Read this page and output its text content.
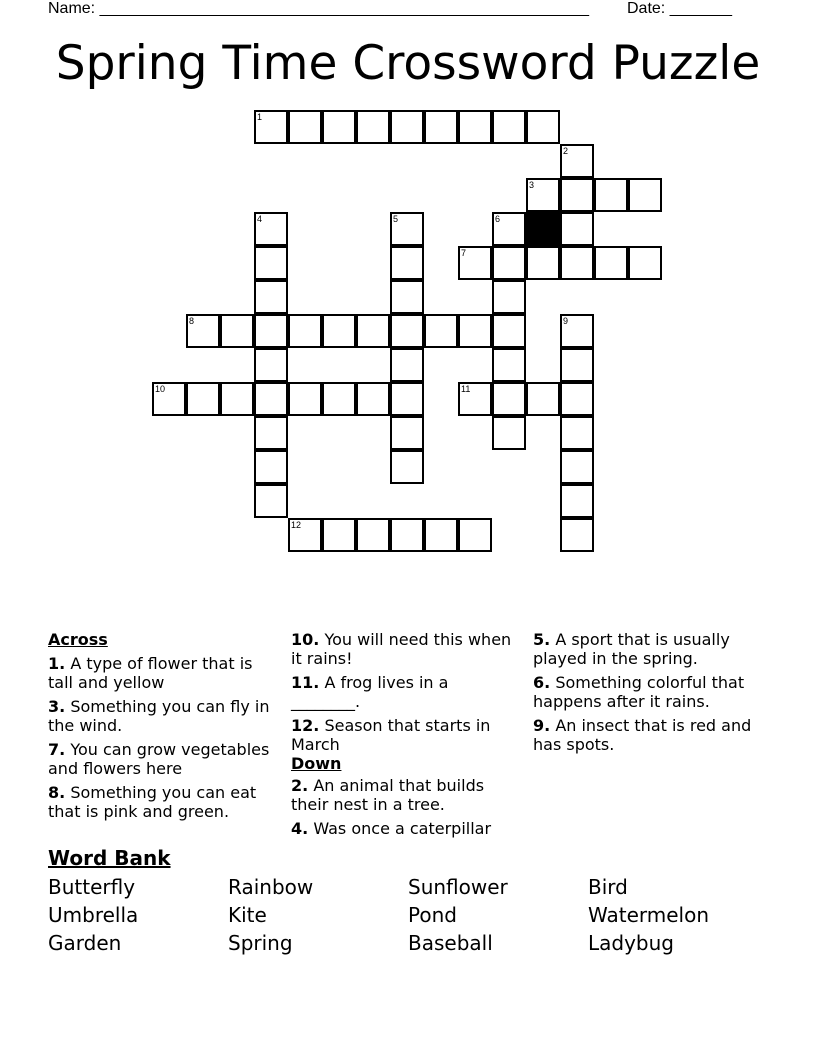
Name: _______________________________________________________ Date: _______
Spring Time Crossword Puzzle
1
2
3
4	5	6
7
8	9
10	11
12
Across
1. A type of flower that is tall and yellow
3. Something you can fly in the wind.
7. You can grow vegetables and flowers here
8. Something you can eat that is pink and green.
10. You will need this when it rains!
11. A frog lives in a ________.
12. Season that starts in March
Down
2. An animal that builds their nest in a tree.
4. Was once a caterpillar
5. A sport that is usually played in the spring.
6. Something colorful that happens after it rains.
9. An insect that is red and has spots.
Word Bank
Butterfly	Rainbow	Sunflower	Bird
Umbrella	Kite	Pond	Watermelon
Garden	Spring	Baseball	Ladybug
